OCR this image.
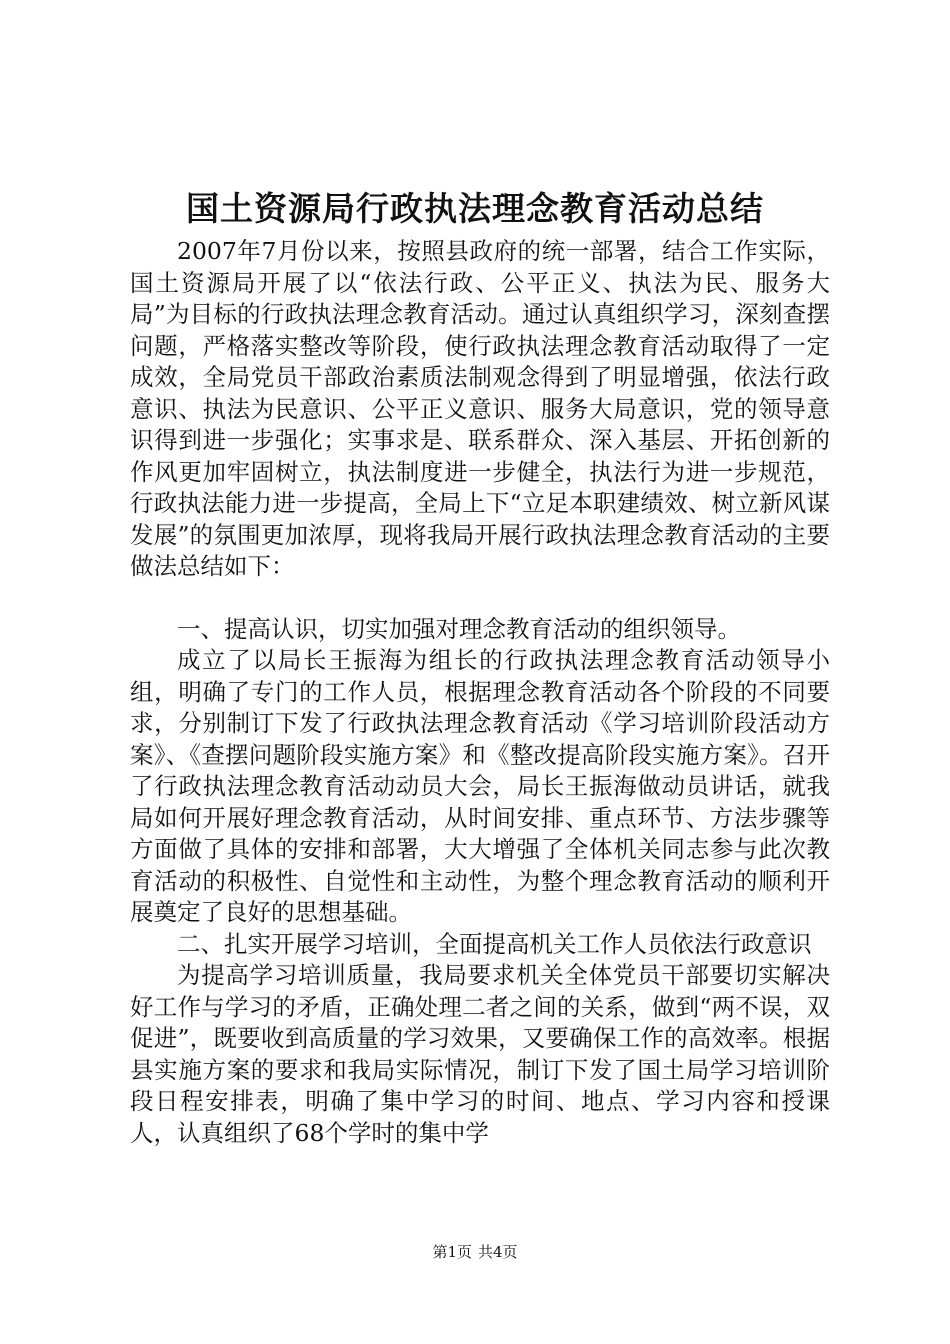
国土资源局行政执法理念教育活动总结

2007年7月份以来，按照县政府的统一部署，结合工作实际，国土资源局开展了以“依法行政、公平正义、执法为民、服务大局”为目标的行政执法理念教育活动。通过认真组织学习，深刻查摆问题，严格落实整改等阶段，使行政执法理念教育活动取得了一定成效，全局党员干部政治素质法制观念得到了明显增强，依法行政意识、执法为民意识、公平正义意识、服务大局意识，党的领导意识得到进一步强化；实事求是、联系群众、深入基层、开拓创新的作风更加牢固树立，执法制度进一步健全，执法行为进一步规范，行政执法能力进一步提高，全局上下“立足本职建绩效、树立新风谋发展”的氛围更加浓厚，现将我局开展行政执法理念教育活动的主要做法总结如下：

一、提高认识，切实加强对理念教育活动的组织领导。

成立了以局长王振海为组长的行政执法理念教育活动领导小组，明确了专门的工作人员，根据理念教育活动各个阶段的不同要求，分别制订下发了行政执法理念教育活动《学习培训阶段活动方案》、《查摆问题阶段实施方案》和《整改提高阶段实施方案》。召开了行政执法理念教育活动动员大会，局长王振海做动员讲话，就我局如何开展好理念教育活动，从时间安排、重点环节、方法步骤等方面做了具体的安排和部署，大大增强了全体机关同志参与此次教育活动的积极性、自觉性和主动性，为整个理念教育活动的顺利开展奠定了良好的思想基础。

二、扎实开展学习培训，全面提高机关工作人员依法行政意识

为提高学习培训质量，我局要求机关全体党员干部要切实解决好工作与学习的矛盾，正确处理二者之间的关系，做到“两不误，双促进”，既要收到高质量的学习效果，又要确保工作的高效率。根据县实施方案的要求和我局实际情况，制订下发了国土局学习培训阶段日程安排表，明确了集中学习的时间、地点、学习内容和授课人，认真组织了68个学时的集中学

第1页 共4页
